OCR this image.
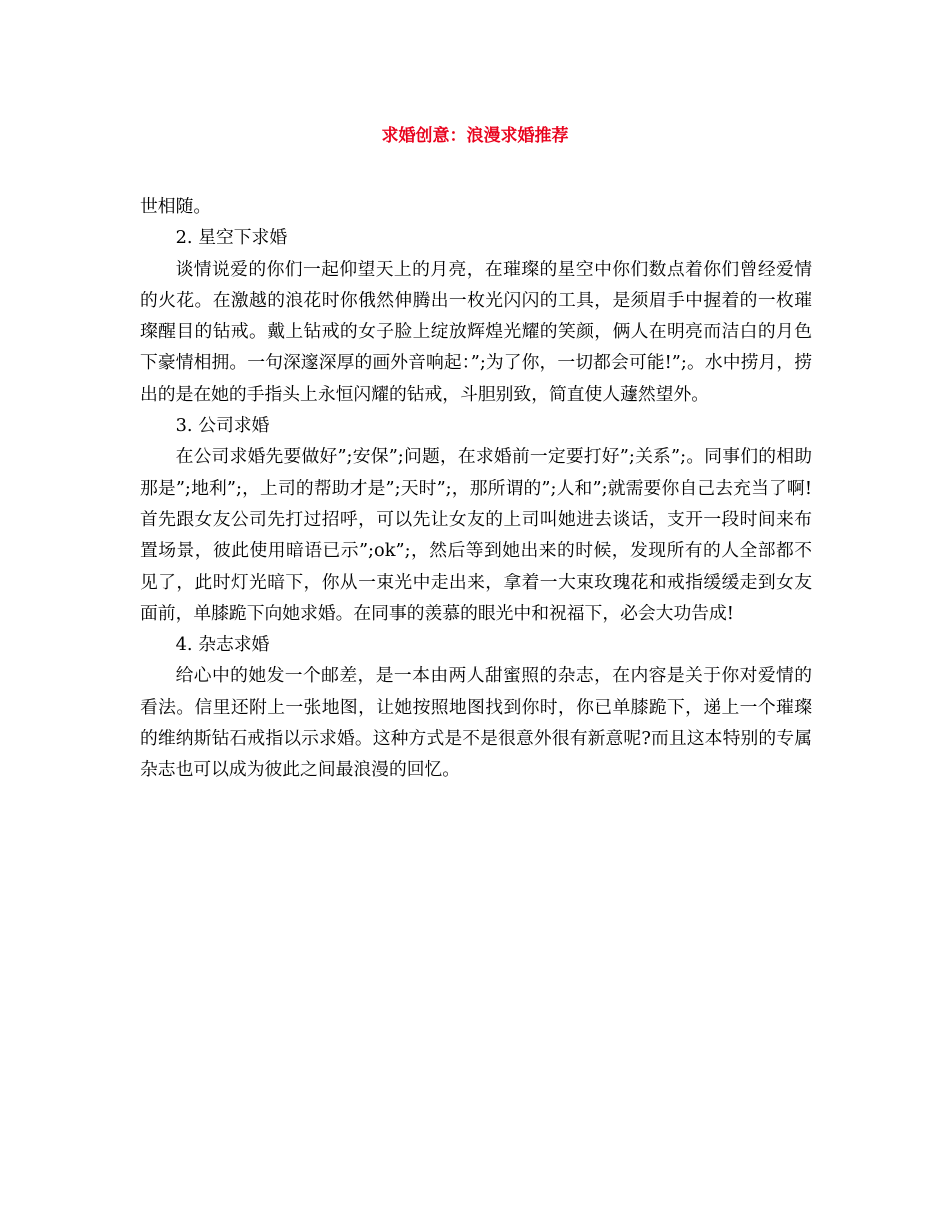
求婚创意：浪漫求婚推荐

世相随。

2. 星空下求婚

谈情说爱的你们一起仰望天上的月亮，在璀璨的星空中你们数点着你们曾经爱情的火花。在激越的浪花时你俄然伸腾出一枚光闪闪的工具，是须眉手中握着的一枚璀璨醒目的钻戒。戴上钻戒的女子脸上绽放辉煌光耀的笑颜，俩人在明亮而洁白的月色下豪情相拥。一句深邃深厚的画外音响起：”;为了你，一切都会可能!”;。水中捞月，捞出的是在她的手指头上永恒闪耀的钻戒，斗胆别致，简直使人蘧然望外。

3. 公司求婚

在公司求婚先要做好”;安保”;问题，在求婚前一定要打好”;关系”;。同事们的相助那是”;地利”;，上司的帮助才是”;天时”;，那所谓的”;人和”;就需要你自己去充当了啊!首先跟女友公司先打过招呼，可以先让女友的上司叫她进去谈话，支开一段时间来布置场景，彼此使用暗语已示”;ok”;，然后等到她出来的时候，发现所有的人全部都不见了，此时灯光暗下，你从一束光中走出来，拿着一大束玫瑰花和戒指缓缓走到女友面前，单膝跪下向她求婚。在同事的羡慕的眼光中和祝福下，必会大功告成!

4. 杂志求婚

给心中的她发一个邮差，是一本由两人甜蜜照的杂志，在内容是关于你对爱情的看法。信里还附上一张地图，让她按照地图找到你时，你已单膝跪下，递上一个璀璨的维纳斯钻石戒指以示求婚。这种方式是不是很意外很有新意呢?而且这本特别的专属杂志也可以成为彼此之间最浪漫的回忆。
